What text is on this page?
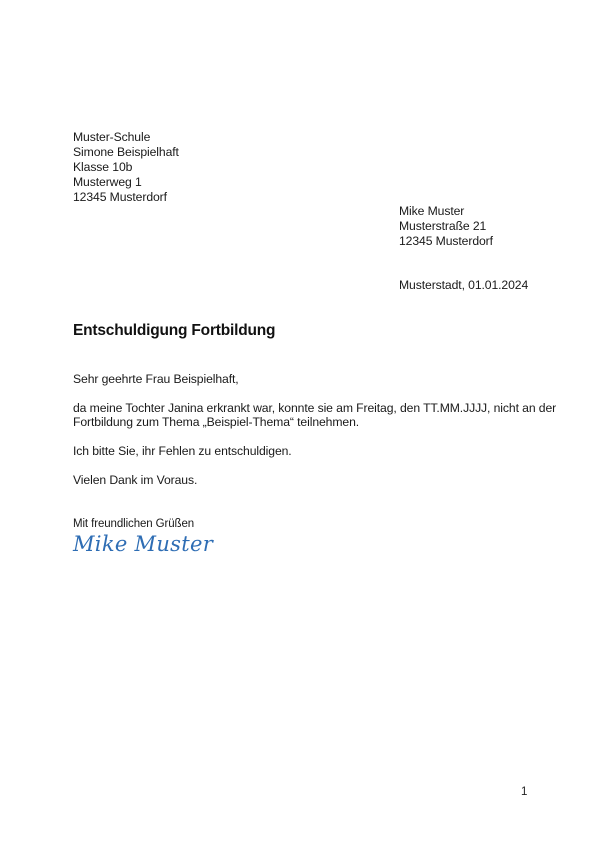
Muster-Schule
Simone Beispielhaft
Klasse 10b
Musterweg 1
12345 Musterdorf
Mike Muster
Musterstraße 21
12345 Musterdorf
Musterstadt, 01.01.2024
Entschuldigung Fortbildung
Sehr geehrte Frau Beispielhaft,
da meine Tochter Janina erkrankt war, konnte sie am Freitag, den TT.MM.JJJJ, nicht an der
Fortbildung zum Thema „Beispiel-Thema“ teilnehmen.
Ich bitte Sie, ihr Fehlen zu entschuldigen.
Vielen Dank im Voraus.
Mit freundlichen Grüßen
Mike Muster
1
